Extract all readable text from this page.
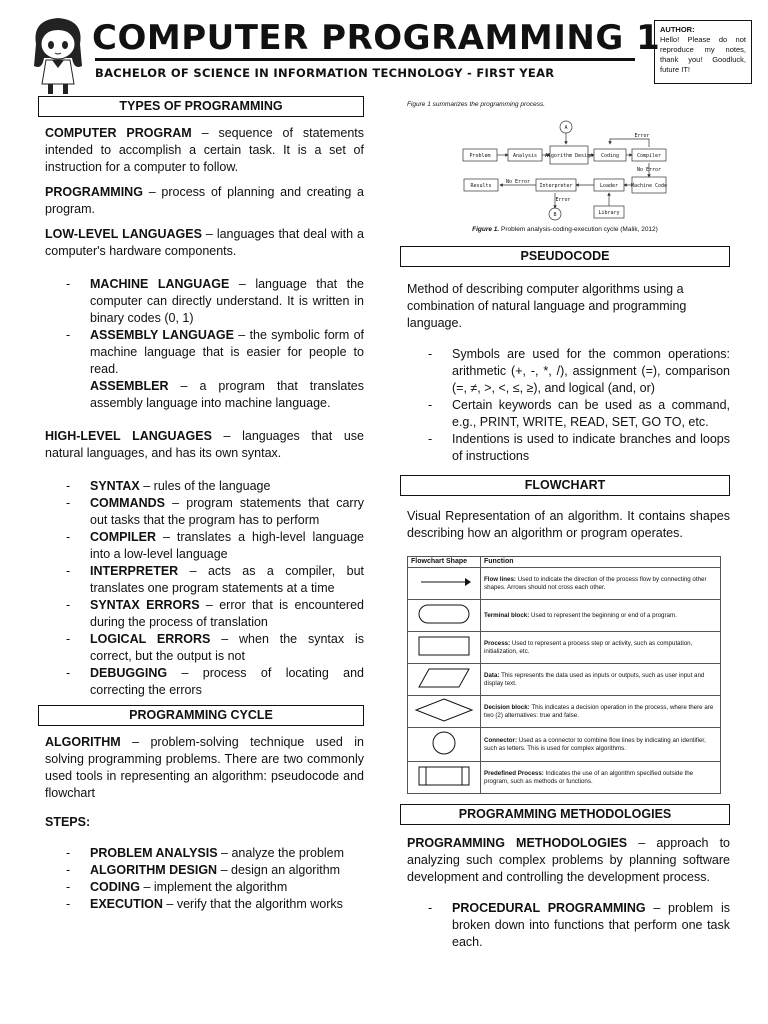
COMPUTER PROGRAMMING 1
BACHELOR OF SCIENCE IN INFORMATION TECHNOLOGY - FIRST YEAR
AUTHOR:
Hello! Please do not reproduce my notes, thank you! Goodluck, future IT!
TYPES OF PROGRAMMING

COMPUTER PROGRAM – sequence of statements intended to accomplish a certain task. It is a set of instruction for a computer to follow.

PROGRAMMING – process of planning and creating a program.

LOW-LEVEL LANGUAGES – languages that deal with a computer's hardware components.

- MACHINE LANGUAGE – language that the computer can directly understand. It is written in binary codes (0, 1)
- ASSEMBLY LANGUAGE – the symbolic form of machine language that is easier for people to read.
ASSEMBLER – a program that translates assembly language into machine language.

HIGH-LEVEL LANGUAGES – languages that use natural languages, and has its own syntax.

- SYNTAX – rules of the language
- COMMANDS – program statements that carry out tasks that the program has to perform
- COMPILER – translates a high-level language into a low-level language
- INTERPRETER – acts as a compiler, but translates one program statements at a time
- SYNTAX ERRORS – error that is encountered during the process of translation
- LOGICAL ERRORS – when the syntax is correct, but the output is not
- DEBUGGING – process of locating and correcting the errors
PROGRAMMING CYCLE

ALGORITHM – problem-solving technique used in solving programming problems. There are two commonly used tools in representing an algorithm: pseudocode and flowchart

STEPS:

- PROBLEM ANALYSIS – analyze the problem
- ALGORITHM DESIGN – design an algorithm
- CODING – implement the algorithm
- EXECUTION – verify that the algorithm works
Figure 1 summarizes the programming process.
A
Problem	Analysis Algorithm Design Coding	Compiler
Machine Code
Loader
Interpreter
Results
Library
B
Error
No Error
No Error
Error
Figure 1. Problem analysis-coding-execution cycle (Malik, 2012)
PSEUDOCODE

Method of describing computer algorithms using a combination of natural language and programming language.

- Symbols are used for the common operations: arithmetic (+, -, *, /), assignment (=), comparison (=, ≠, >, <, ≤, ≥), and logical (and, or)
- Certain keywords can be used as a command, e.g., PRINT, WRITE, READ, SET, GO TO, etc.
- Indentions is used to indicate branches and loops of instructions
FLOWCHART

Visual Representation of an algorithm. It contains shapes describing how an algorithm or program operates.

Flowchart Shape	Function
	Flow lines: Used to indicate the direction of the process flow by connecting other shapes. Arrows should not cross each other.
	Terminal block: Used to represent the beginning or end of a program.
	Process: Used to represent a process step or activity, such as computation, initialization, etc.
	Data: This represents the data used as inputs or outputs, such as user input and display text.
	Decision block: This indicates a decision operation in the process, where there are two (2) alternatives: true and false.
	Connector: Used as a connector to combine flow lines by indicating an identifier, such as letters. This is used for complex algorithms.
	Predefined Process: Indicates the use of an algorithm specified outside the program, such as methods or functions.
PROGRAMMING METHODOLOGIES

PROGRAMMING METHODOLOGIES – approach to analyzing such complex problems by planning software development and controlling the development process.

- PROCEDURAL PROGRAMMING – problem is broken down into functions that perform one task each.
